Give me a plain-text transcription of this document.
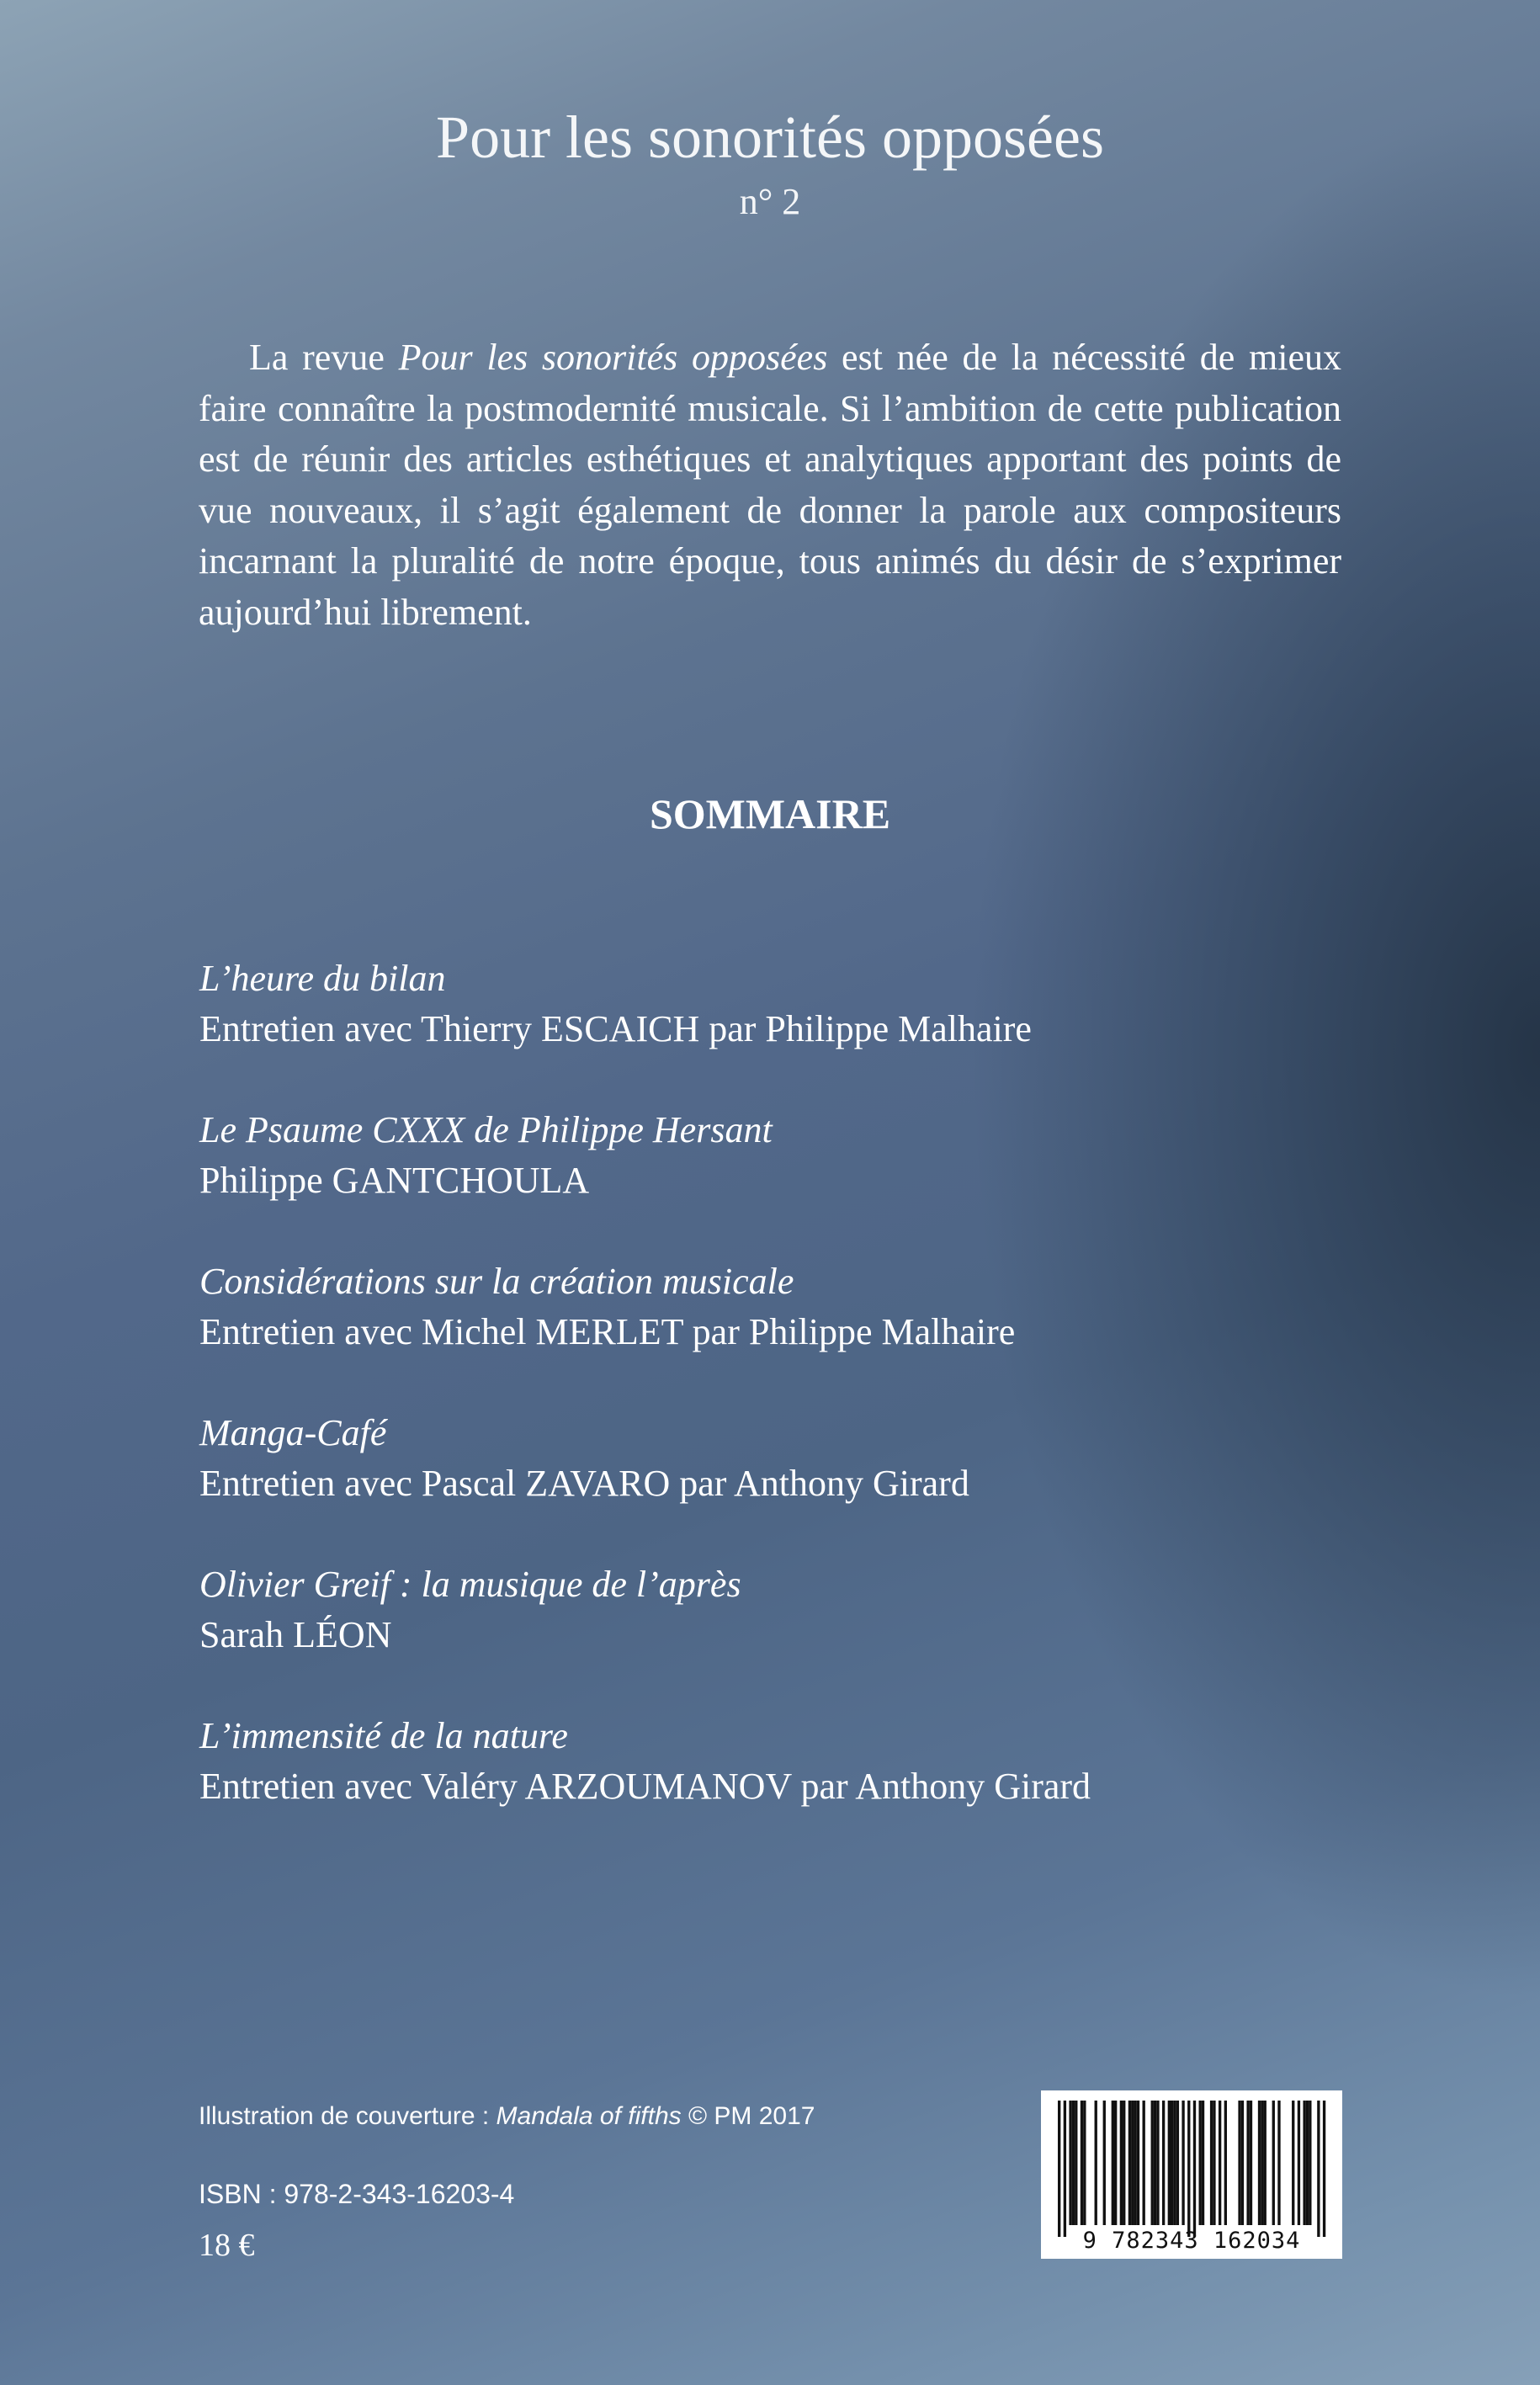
Pour les sonorités opposées
n° 2
La revue Pour les sonorités opposées est née de la nécessité de mieux faire connaître la postmodernité musicale. Si l’ambition de cette publication est de réunir des articles esthétiques et analytiques apportant des points de vue nouveaux, il s’agit également de donner la parole aux compositeurs incarnant la pluralité de notre époque, tous animés du désir de s’exprimer aujourd’hui librement.
SOMMAIRE
L’heure du bilan
Entretien avec Thierry ESCAICH par Philippe Malhaire
Le Psaume CXXX de Philippe Hersant
Philippe GANTCHOULA
Considérations sur la création musicale
Entretien avec Michel MERLET par Philippe Malhaire
Manga-Café
Entretien avec Pascal ZAVARO par Anthony Girard
Olivier Greif : la musique de l’après
Sarah LÉON
L’immensité de la nature
Entretien avec Valéry ARZOUMANOV par Anthony Girard
Illustration de couverture : Mandala of fifths © PM 2017
ISBN : 978-2-343-16203-4
18 €	9 782343 162034
